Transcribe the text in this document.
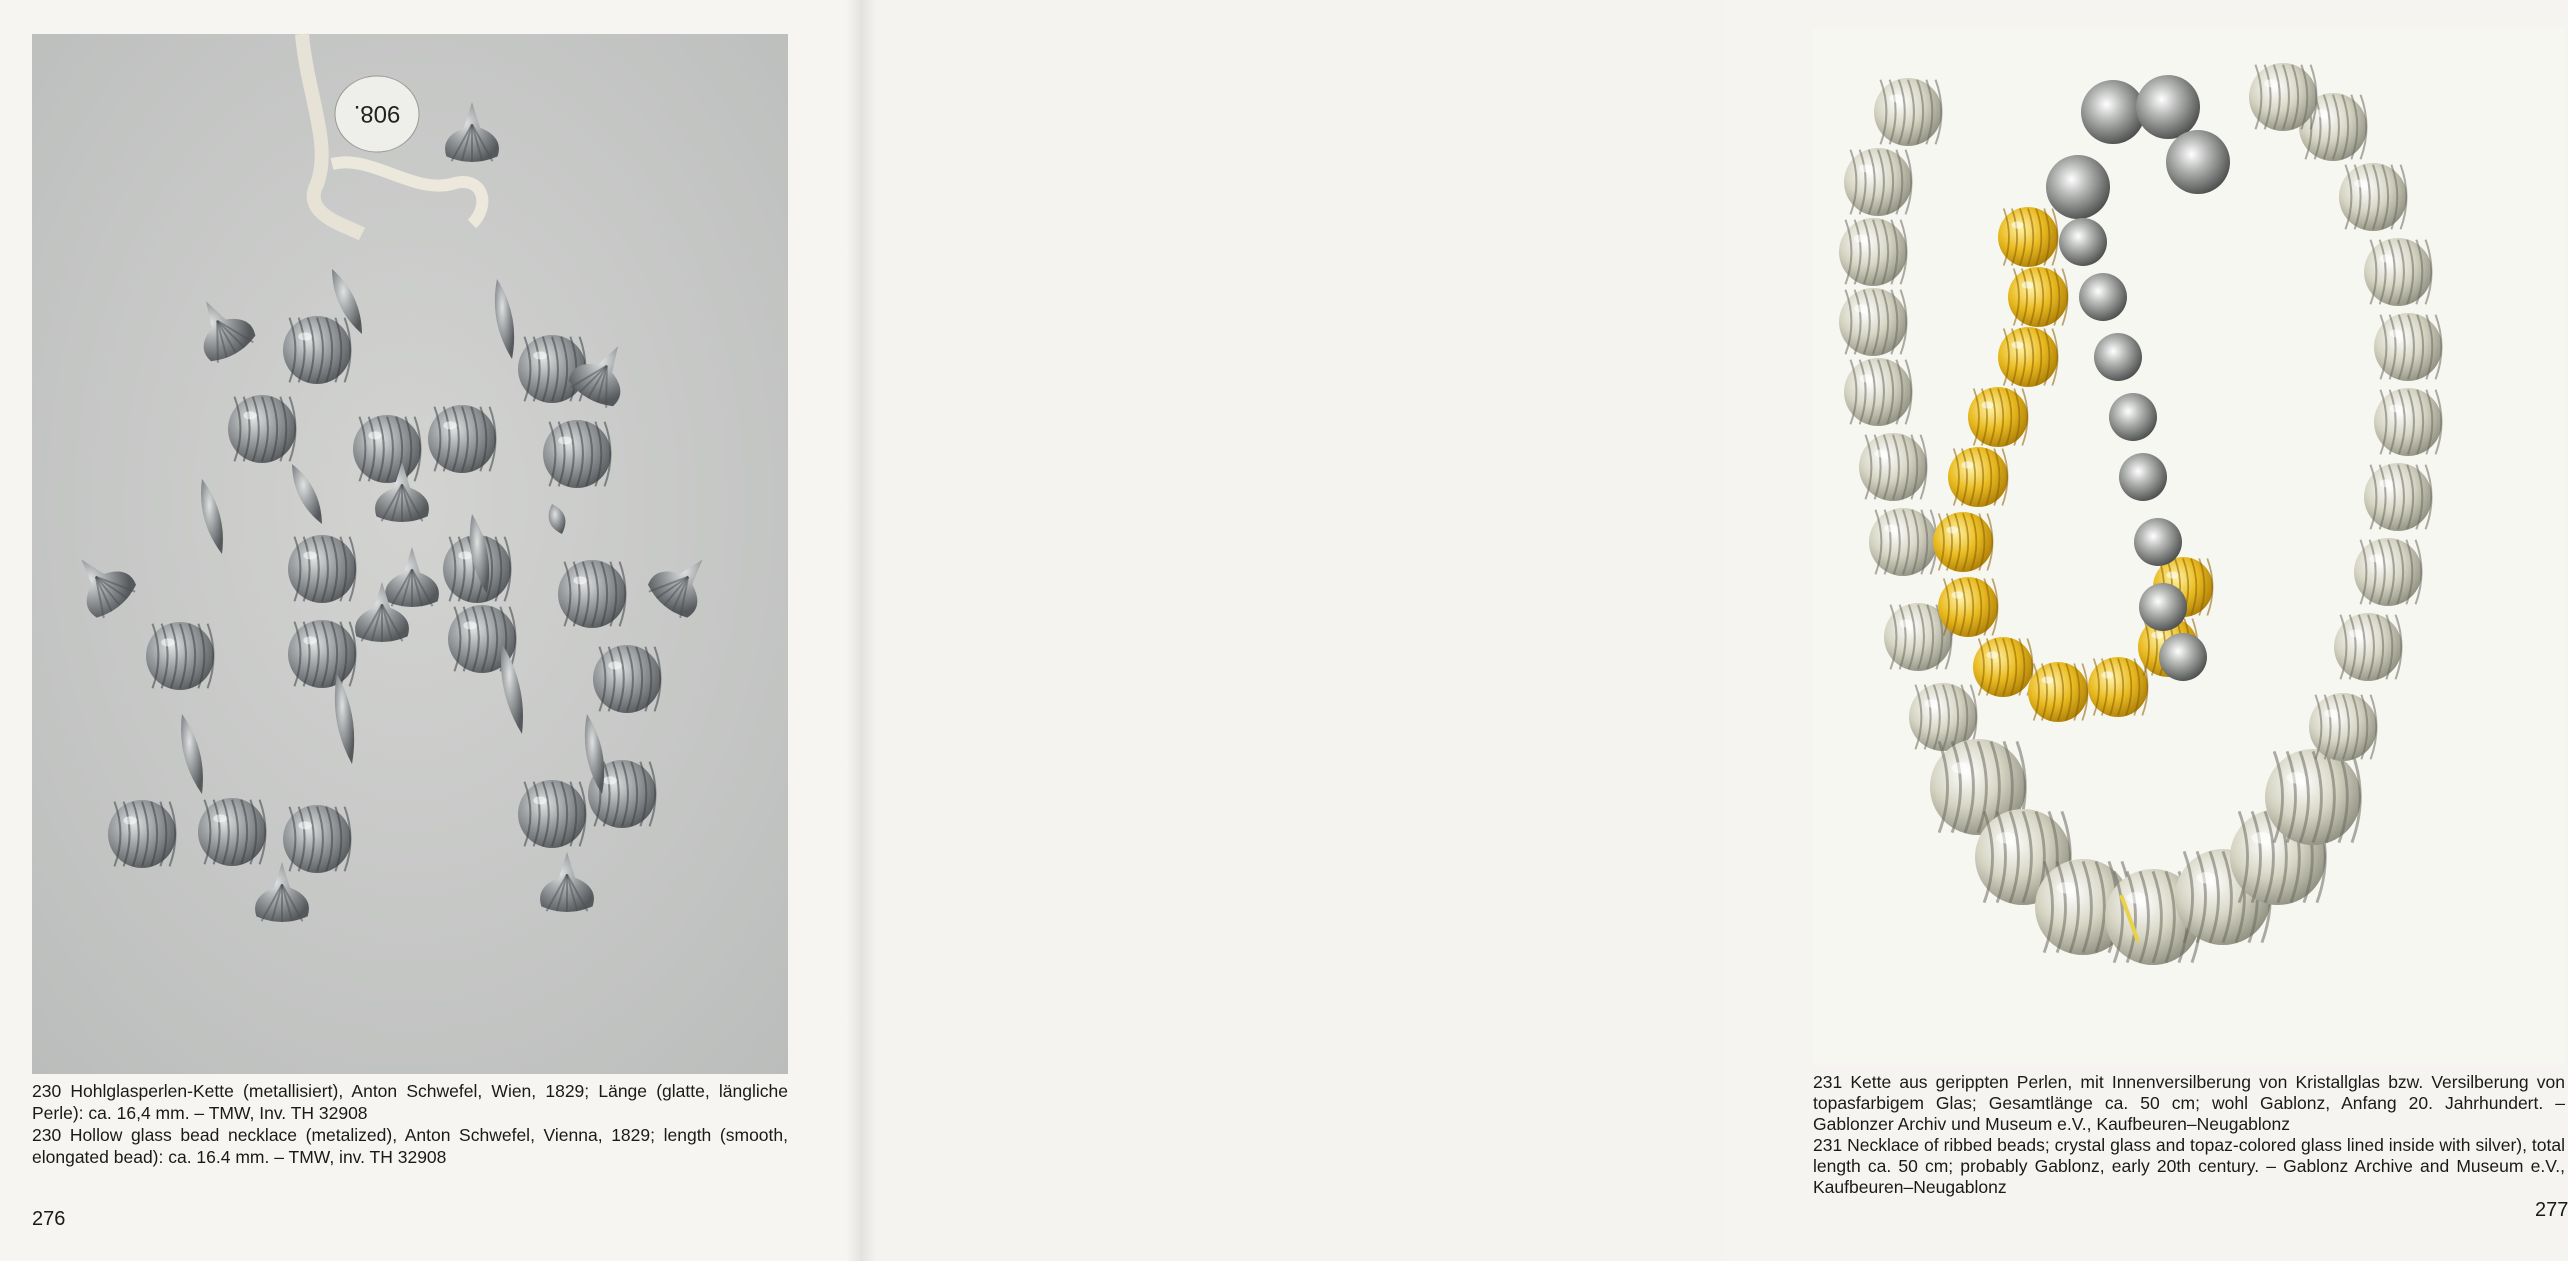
908.

230 Hohlglasperlen-Kette (metallisiert), Anton Schwefel, Wien, 1829; Länge (glatte, längliche Perle): ca. 16,4 mm. – TMW, Inv. TH 32908

230 Hollow glass bead necklace (metalized), Anton Schwefel, Vienna, 1829; length (smooth, elongated bead): ca. 16.4 mm. – TMW, inv. TH 32908

276

231 Kette aus gerippten Perlen, mit Innenversilberung von Kristallglas bzw. Versilberung von topasfarbigem Glas; Gesamtlänge ca. 50 cm; wohl Gablonz, Anfang 20. Jahrhundert. – Gablonzer Archiv und Museum e.V., Kaufbeuren–Neugablonz

231 Necklace of ribbed beads; crystal glass and topaz-colored glass lined inside with silver), total length ca. 50 cm; probably Gablonz, early 20th century. – Gablonz Archive and Museum e.V., Kaufbeuren–Neugablonz

277
